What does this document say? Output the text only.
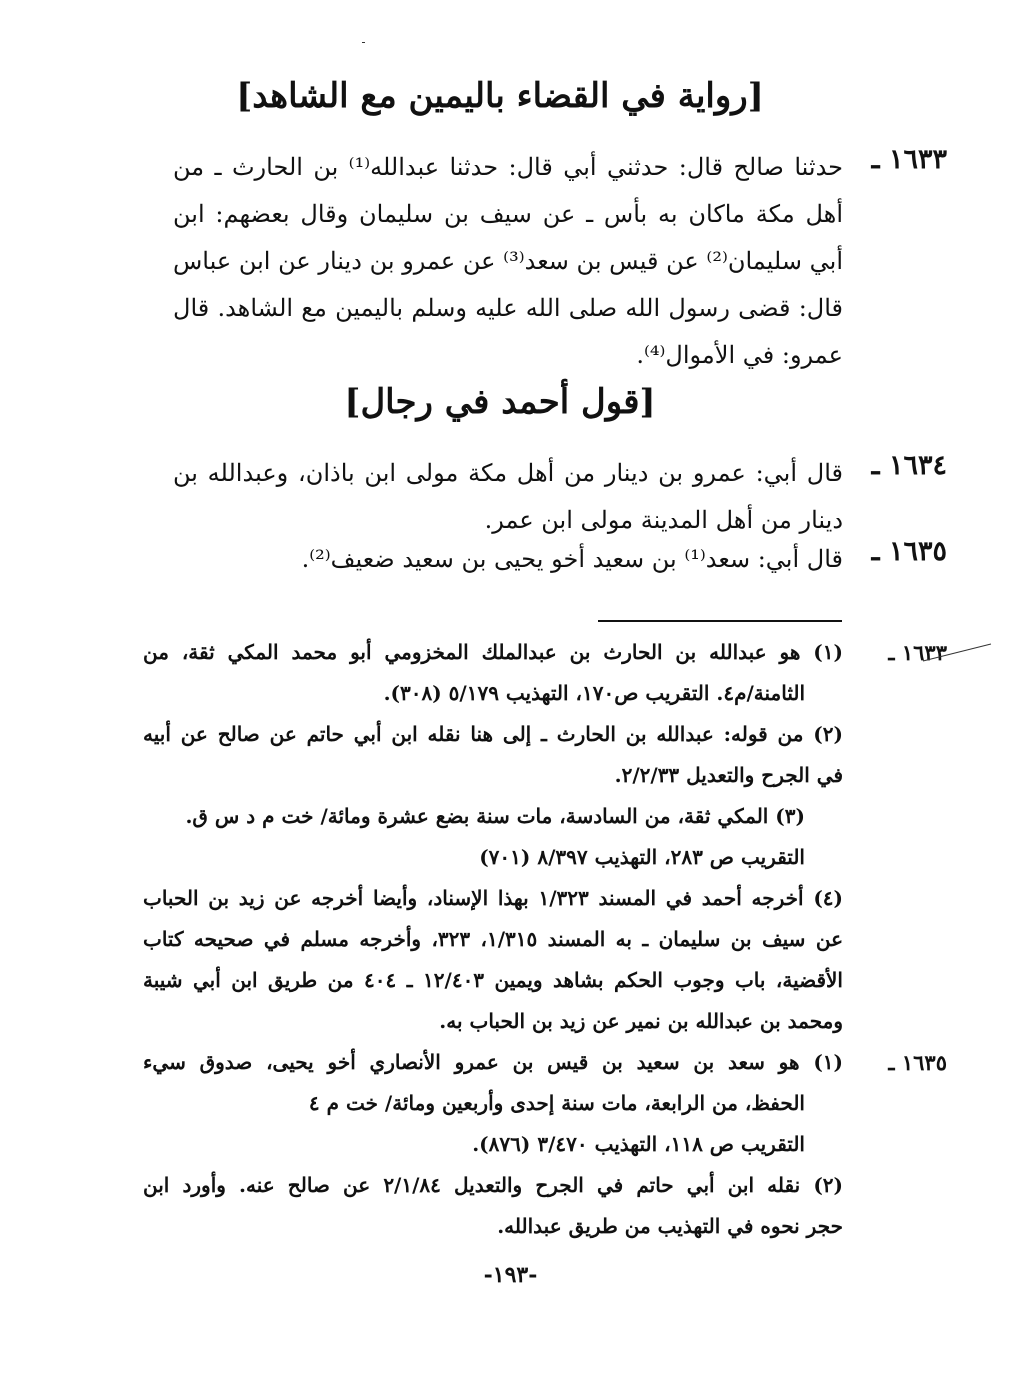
[رواية في القضاء باليمين مع الشاهد]
١٦٣٣ ـ
حدثنا صالح قال: حدثني أبي قال: حدثنا عبدالله⁽¹⁾ بن الحارث ـ من
أهل مكة ماكان به بأس ـ عن سيف بن سليمان وقال بعضهم: ابن
أبي سليمان⁽²⁾ عن قيس بن سعد⁽³⁾ عن عمرو بن دينار عن ابن عباس
قال: قضى رسول الله صلى الله عليه وسلم باليمين مع الشاهد. قال
عمرو: في الأموال⁽⁴⁾.
[قول أحمد في رجال]
١٦٣٤ ـ
قال أبي: عمرو بن دينار من أهل مكة مولى ابن باذان، وعبدالله بن
دينار من أهل المدينة مولى ابن عمر.
١٦٣٥ ـ
قال أبي: سعد⁽¹⁾ بن سعيد أخو يحيى بن سعيد ضعيف⁽²⁾.
١٦٣٣ ـ
(١) هو عبدالله بن الحارث بن عبدالملك المخزومي أبو محمد المكي ثقة، من
الثامنة/م٤. التقريب ص١٧٠، التهذيب ٥/١٧٩ (٣٠٨).
(٢) من قوله: عبدالله بن الحارث ـ إلى هنا نقله ابن أبي حاتم عن صالح عن أبيه
في الجرح والتعديل ٢/٢/٣٣.
(٣) المكي ثقة، من السادسة، مات سنة بضع عشرة ومائة/ خت م د س ق.
التقريب ص ٢٨٣، التهذيب ٨/٣٩٧ (٧٠١)
(٤) أخرجه أحمد في المسند ١/٣٢٣ بهذا الإسناد، وأيضا أخرجه عن زيد بن الحباب
عن سيف بن سليمان ـ به المسند ١/٣١٥، ٣٢٣، وأخرجه مسلم في صحيحه كتاب
الأقضية، باب وجوب الحكم بشاهد ويمين ١٢/٤٠٣ ـ ٤٠٤ من طريق ابن أبي شيبة
ومحمد بن عبدالله بن نمير عن زيد بن الحباب به.
١٦٣٥ ـ
(١) هو سعد بن سعيد بن قيس بن عمرو الأنصاري أخو يحيى، صدوق سيء
الحفظ، من الرابعة، مات سنة إحدى وأربعين ومائة/ خت م ٤
التقريب ص ١١٨، التهذيب ٣/٤٧٠ (٨٧٦).
(٢) نقله ابن أبي حاتم في الجرح والتعديل ٢/١/٨٤ عن صالح عنه. وأورد ابن
حجر نحوه في التهذيب من طريق عبدالله.
-١٩٣-
